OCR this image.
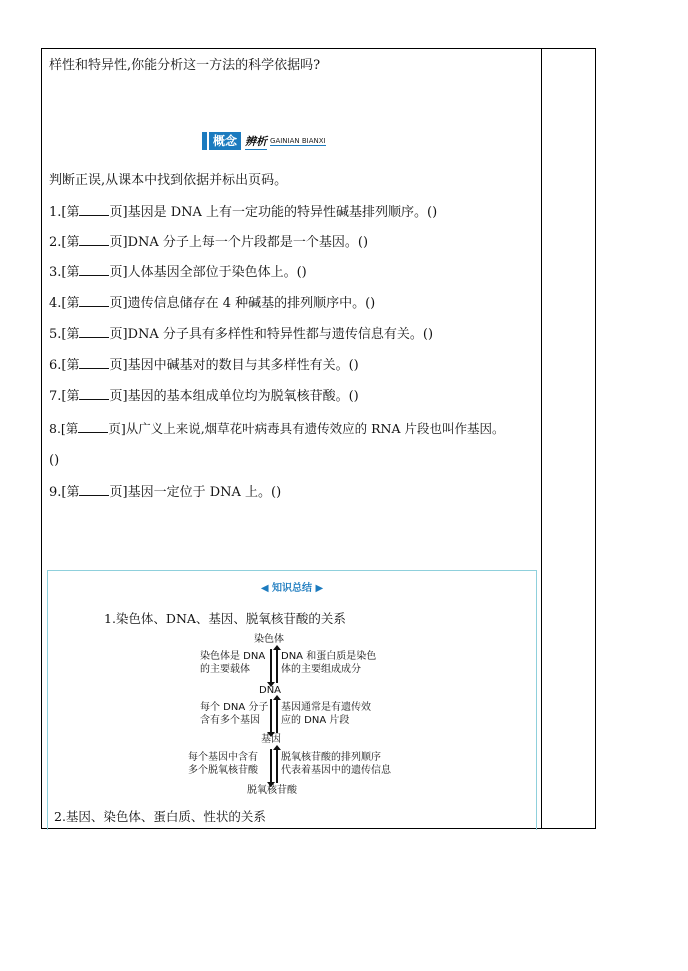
样性和特异性,你能分析这一方法的科学依据吗?
概念 辨析 GAINIAN BIANXI
判断正误,从课本中找到依据并标出页码。
1.[第 页]基因是 DNA 上有一定功能的特异性碱基排列顺序。()
2.[第 页]DNA 分子上每一个片段都是一个基因。()
3.[第 页]人体基因全部位于染色体上。()
4.[第 页]遗传信息储存在 4 种碱基的排列顺序中。()
5.[第 页]DNA 分子具有多样性和特异性都与遗传信息有关。()
6.[第 页]基因中碱基对的数目与其多样性有关。()
7.[第 页]基因的基本组成单位均为脱氧核苷酸。()
8.[第 页]从广义上来说,烟草花叶病毒具有遗传效应的 RNA 片段也叫作基因。
()
9.[第 页]基因一定位于 DNA 上。()
◀ 知识总结 ▶
1.染色体、DNA、基因、脱氧核苷酸的关系
染色体
染色体是 DNA
的主要载体
DNA 和蛋白质是染色
体的主要组成成分
DNA
每个 DNA 分子
含有多个基因
基因通常是有遗传效
应的 DNA 片段
基因
每个基因中含有
多个脱氧核苷酸
脱氧核苷酸的排列顺序
代表着基因中的遗传信息
脱氧核苷酸
2.基因、染色体、蛋白质、性状的关系
